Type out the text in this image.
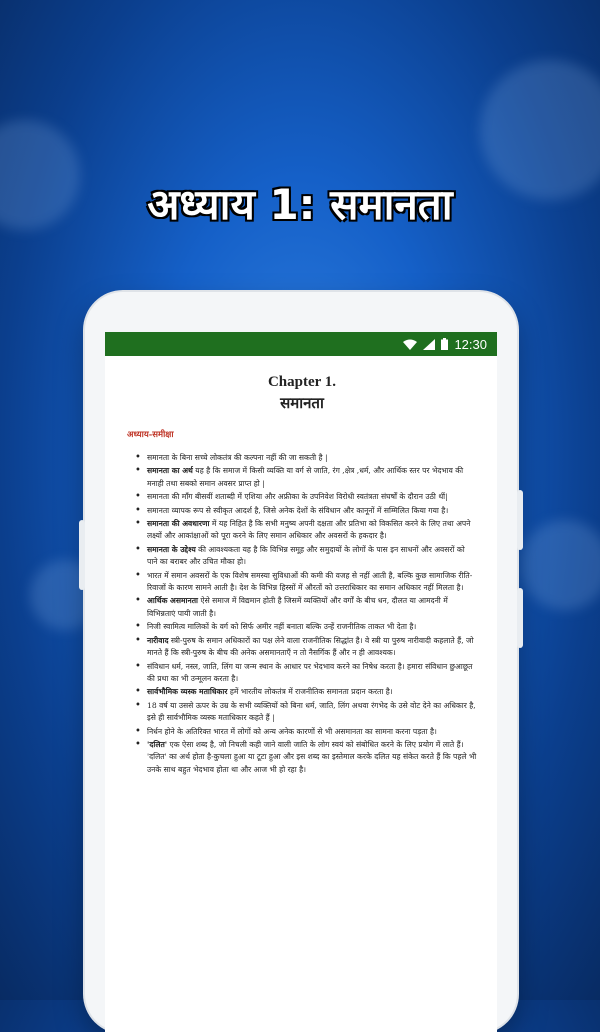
अध्याय 1: समानता
12:30
Chapter 1.
समानता
अध्याय-समीक्षा
• समानता के बिना सच्चे लोकतंत्र की कल्पना नहीं की जा सकती है |
• समानता का अर्थ यह है कि समाज में किसी व्यक्ति या वर्ग से जाति, रंग ,क्षेत्र ,धर्म, और आर्थिक स्तर पर भेदभाव की मनाही तथा सबको समान अवसर प्राप्त हो |
• समानता की माँग बीसवीं शताब्दी में एशिया और अफ्रीका के उपनिवेश विरोधी स्वतंत्रता संघर्षों के दौरान उठी थीं|
• समानता व्यापक रूप से स्वीकृत आदर्श है, जिसे अनेक देशों के संविधान और कानूनों में सम्मिलित किया गया है।
• समानता की अवधारणा में यह निहित है कि सभी मनुष्य अपनी दक्षता और प्रतिभा को विकसित करने के लिए तथा अपने लक्ष्यों और आकांक्षाओं को पूरा करने के लिए समान अधिकार और अवसरों के हकदार है।
• समानता के उद्देश्य की आवश्यकता यह है कि विभिन्न समूह और समुदायों के लोगों के पास इन साधनों और अवसरों को पाने का बराबर और उचित मौका हो।
• भारत में समान अवसरों के एक विशेष समस्या सुविधाओं की कमी की वजह से नहीं आती है, बल्कि कुछ सामाजिक रीति-रिवाजों के कारण सामने आती है। देश के विभिन्न हिस्सों में औरतों को उत्तराधिकार का समान अधिकार नहीं मिलता है।
• आर्थिक असमानता ऐसे समाज में विद्यमान होती है जिसमें व्यक्तियों और वर्गों के बीच धन, दौलत या आमदनी में विभिन्नताएं पायी जाती है।
• निजी स्वामित्व मालिकों के वर्ग को सिर्फ अमीर नहीं बनाता बल्कि उन्हें राजनीतिक ताकत भी देता है।
• नारीवाद स्त्री-पुरुष के समान अधिकारों का पक्ष लेने वाला राजनीतिक सिद्धांत है। वे स्त्री या पुरुष नारीवादी कहलाते हैं, जो मानते हैं कि स्त्री-पुरुष के बीच की अनेक असमानताएँ न तो नैसर्गिक हैं और न ही आवश्यक।
• संविधान धर्म, नस्ल, जाति, लिंग या जन्म स्थान के आधार पर भेदभाव करने का निषेध करता है। हमारा संविधान छुआछूत की प्रथा का भी उन्मूलन करता है।
• सार्वभौमिक व्यस्क मताधिकार हमें भारतीय लोकतंत्र में राजनीतिक समानता प्रदान करता है।
• 18 वर्ष या उससे ऊपर के उम्र के सभी व्यक्तियों को बिना धर्म, जाति, लिंग अथवा रंगभेद के उसे वोट देने का अधिकार है, इसे ही सार्वभौमिक व्यस्क मताधिकार कहते हैं |
• निर्धन होने के अतिरिक्त भारत में लोगों को अन्य अनेक कारणों से भी असमानता का सामना करना पड़ता है।
• 'दलित' एक ऐसा शब्द है, जो निचली कही जाने वाली जाति के लोग स्वयं को संबोधित करने के लिए प्रयोग में लाते हैं। 'दलित' का अर्थ होता है-कुचला हुआ या टूटा हुआ और इस शब्द का इस्तेमाल करके दलित यह संकेत करते हैं कि पहले भी उनके साथ बहुत भेदभाव होता था और आज भी हो रहा है।
